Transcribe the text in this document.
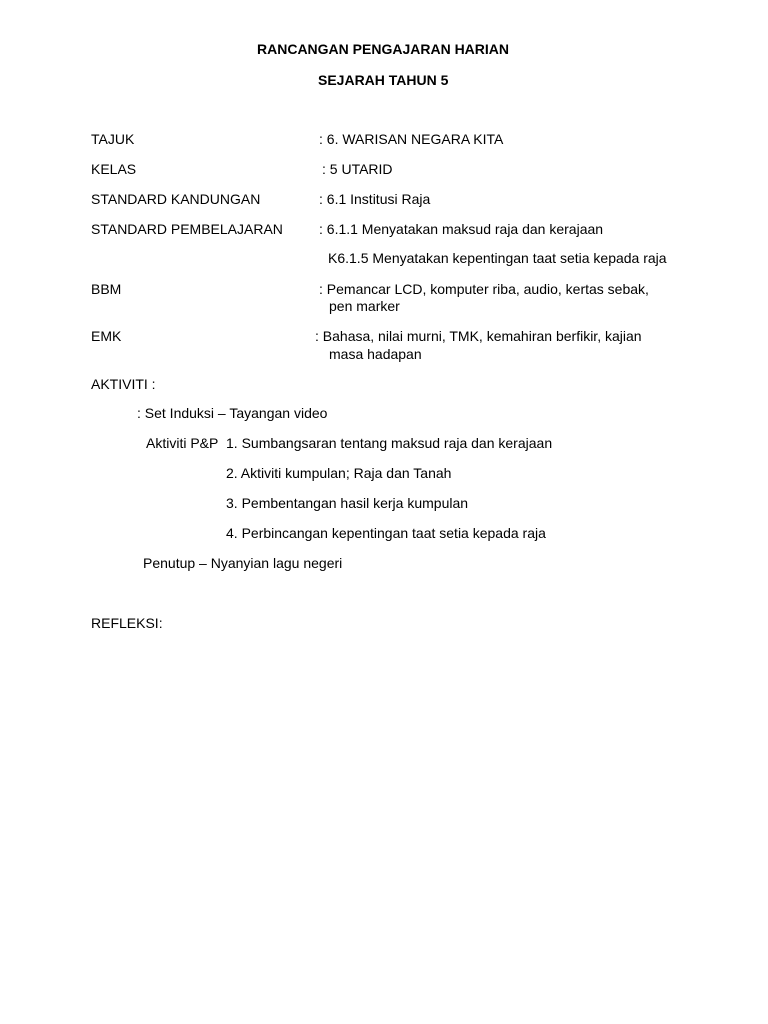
RANCANGAN PENGAJARAN HARIAN

SEJARAH TAHUN 5

TAJUK	: 6. WARISAN NEGARA KITA

KELAS	: 5 UTARID

STANDARD KANDUNGAN	: 6.1 Institusi Raja

STANDARD PEMBELAJARAN	: 6.1.1 Menyatakan maksud raja dan kerajaan

K6.1.5 Menyatakan kepentingan taat setia kepada raja

BBM	: Pemancar LCD, komputer riba, audio, kertas sebak,

pen marker

EMK	: Bahasa, nilai murni, TMK, kemahiran berfikir, kajian

masa hadapan

AKTIVITI :

: Set Induksi – Tayangan video

Aktiviti P&P 1. Sumbangsaran tentang maksud raja dan kerajaan

2. Aktiviti kumpulan; Raja dan Tanah

3. Pembentangan hasil kerja kumpulan

4. Perbincangan kepentingan taat setia kepada raja

Penutup – Nyanyian lagu negeri

REFLEKSI:
